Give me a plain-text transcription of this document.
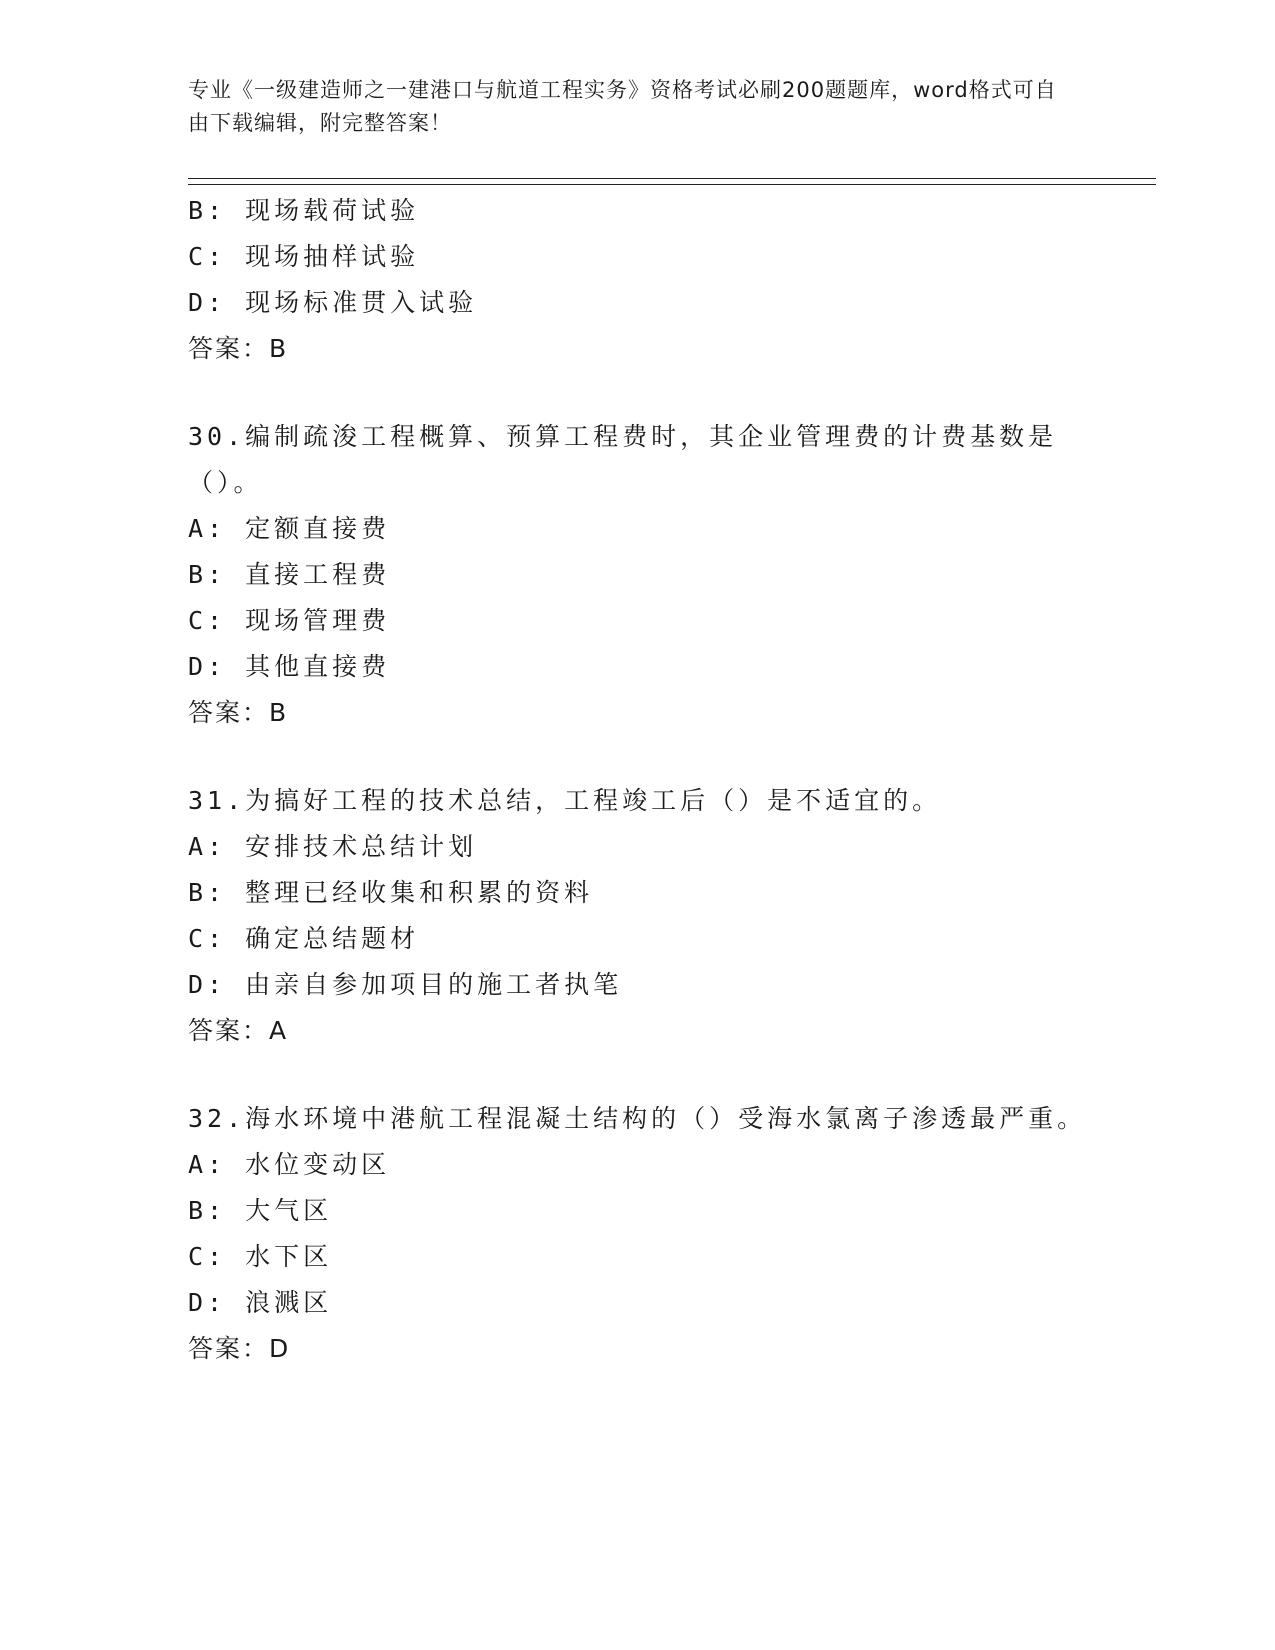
专业《一级建造师之一建港口与航道工程实务》资格考试必刷200题题库，word格式可自由下载编辑，附完整答案！
B: 现场载荷试验
C: 现场抽样试验
D: 现场标准贯入试验
答案：B
30.编制疏浚工程概算、预算工程费时，其企业管理费的计费基数是（）。
A: 定额直接费
B: 直接工程费
C: 现场管理费
D: 其他直接费
答案：B
31.为搞好工程的技术总结，工程竣工后（）是不适宜的。
A: 安排技术总结计划
B: 整理已经收集和积累的资料
C: 确定总结题材
D: 由亲自参加项目的施工者执笔
答案：A
32.海水环境中港航工程混凝土结构的（）受海水氯离子渗透最严重。
A: 水位变动区
B: 大气区
C: 水下区
D: 浪溅区
答案：D
